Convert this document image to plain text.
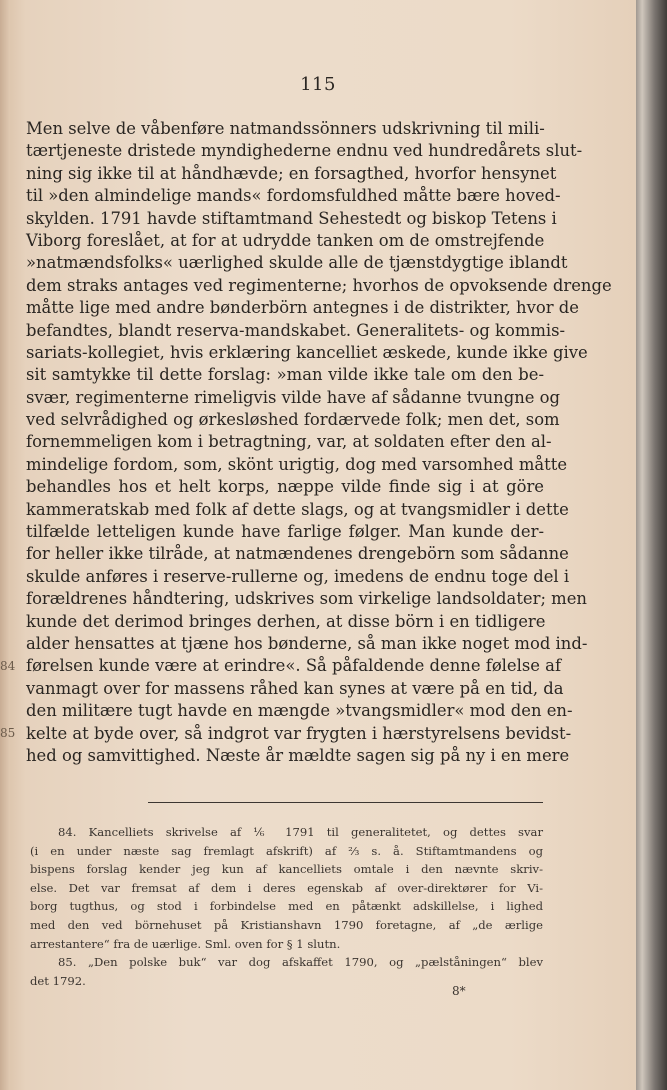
115
Men selve de våbenføre natmandssönners udskrivning til mili-
tærtjeneste dristede myndighederne endnu ved hundredårets slut-
ning sig ikke til at håndhævde; en forsagthed, hvorfor hensynet
til »den almindelige mands« fordomsfuldhed måtte bære hoved-
skylden. 1791 havde stiftamtmand Sehestedt og biskop Tetens i
Viborg foreslået, at for at udrydde tanken om de omstrejfende
»natmændsfolks« uærlighed skulde alle de tjænstdygtige iblandt
dem straks antages ved regimenterne; hvorhos de opvoksende drenge
måtte lige med andre bønderbörn antegnes i de distrikter, hvor de
befandtes, blandt reserva-mandskabet. Generalitets- og kommis-
sariats-kollegiet, hvis erklæring kancelliet æskede, kunde ikke give
sit samtykke til dette forslag: »man vilde ikke tale om den be-
svær, regimenterne rimeligvis vilde have af sådanne tvungne og
ved selvrådighed og ørkesløshed fordærvede folk; men det, som
fornemmeligen kom i betragtning, var, at soldaten efter den al-
mindelige fordom, som, skönt urigtig, dog med varsomhed måtte
behandles hos et helt korps, næppe vilde finde sig i at göre
kammeratskab med folk af dette slags, og at tvangsmidler i dette
tilfælde letteligen kunde have farlige følger. Man kunde der-
for heller ikke tilråde, at natmændenes drengebörn som sådanne
skulde anføres i reserve-rullerne og, imedens de endnu toge del i
forældrenes håndtering, udskrives som virkelige landsoldater; men
kunde det derimod bringes derhen, at disse börn i en tidligere
alder hensattes at tjæne hos bønderne, så man ikke noget mod ind-
førelsen kunde være at erindre«. Så påfaldende denne følelse af
vanmagt over for massens råhed kan synes at være på en tid, da
den militære tugt havde en mængde »tvangsmidler« mod den en-
kelte at byde over, så indgrot var frygten i hærstyrelsens bevidst-
hed og samvittighed. Næste år mældte sagen sig på ny i en mere
84
85
84. Kancelliets skrivelse af ⅙ 1791 til generalitetet, og dettes svar
(i en under næste sag fremlagt afskrift) af ⅔ s. å. Stiftamtmandens og
bispens forslag kender jeg kun af kancelliets omtale i den nævnte skriv-
else. Det var fremsat af dem i deres egenskab af over-direktører for Vi-
borg tugthus, og stod i forbindelse med en påtænkt adskillelse, i lighed
med den ved börnehuset på Kristianshavn 1790 foretagne, af „de ærlige
arrestantere“ fra de uærlige. Sml. oven for § 1 slutn.
85. „Den polske buk“ var dog afskaffet 1790, og „pælståningen“ blev
det 1792.
8*
